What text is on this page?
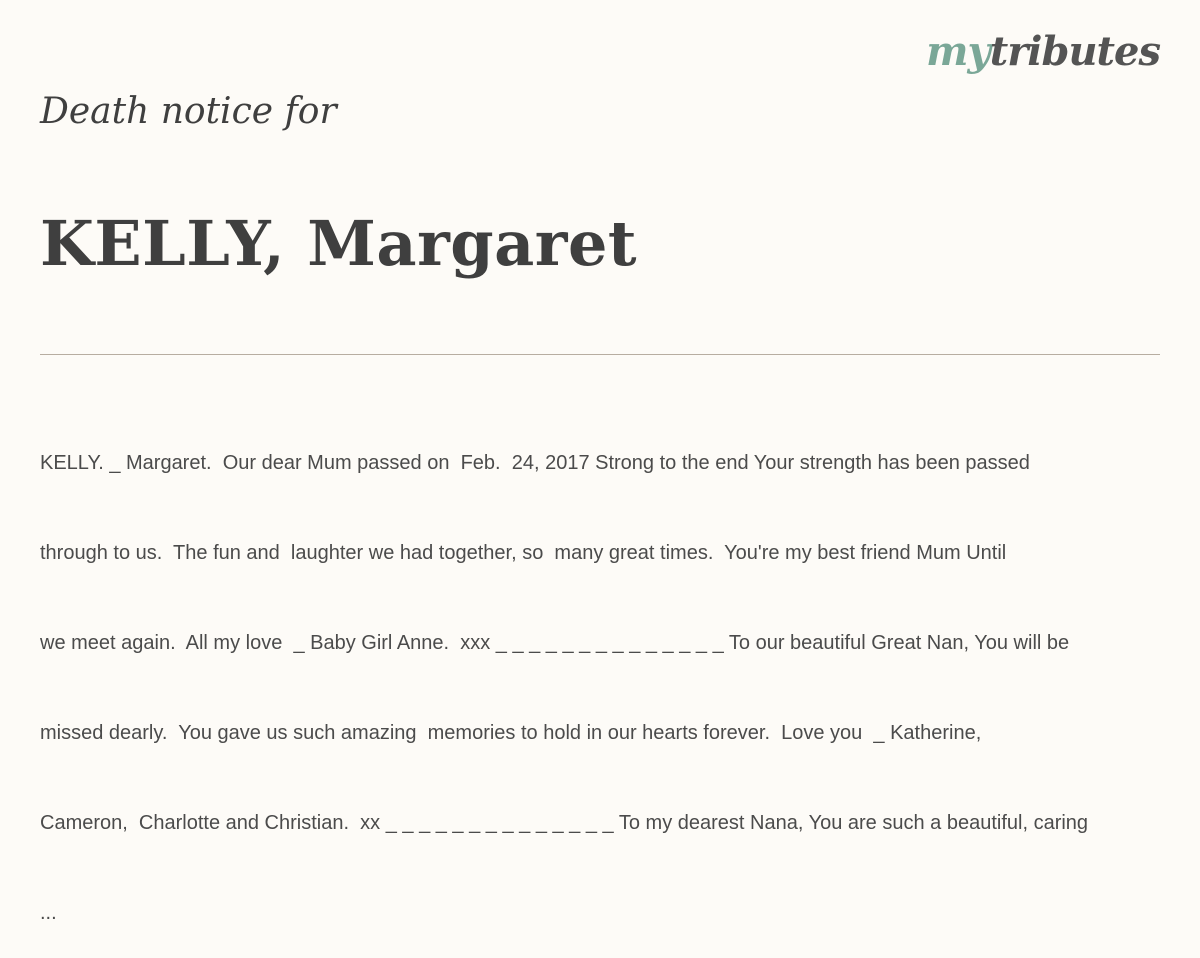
mytributes
Death notice for
KELLY, Margaret

KELLY. _ Margaret.  Our dear Mum passed on  Feb.  24, 2017 Strong to the end Your strength has been passed

through to us.  The fun and  laughter we had together, so  many great times.  You're my best friend Mum Until

we meet again.  All my love  _ Baby Girl Anne.  xxx _ _ _ _ _ _ _ _ _ _ _ _ _ _ To our beautiful Great Nan, You will be

missed dearly.  You gave us such amazing  memories to hold in our hearts forever.  Love you  _ Katherine,

Cameron,  Charlotte and Christian.  xx _ _ _ _ _ _ _ _ _ _ _ _ _ _ To my dearest Nana, You are such a beautiful, caring

...
